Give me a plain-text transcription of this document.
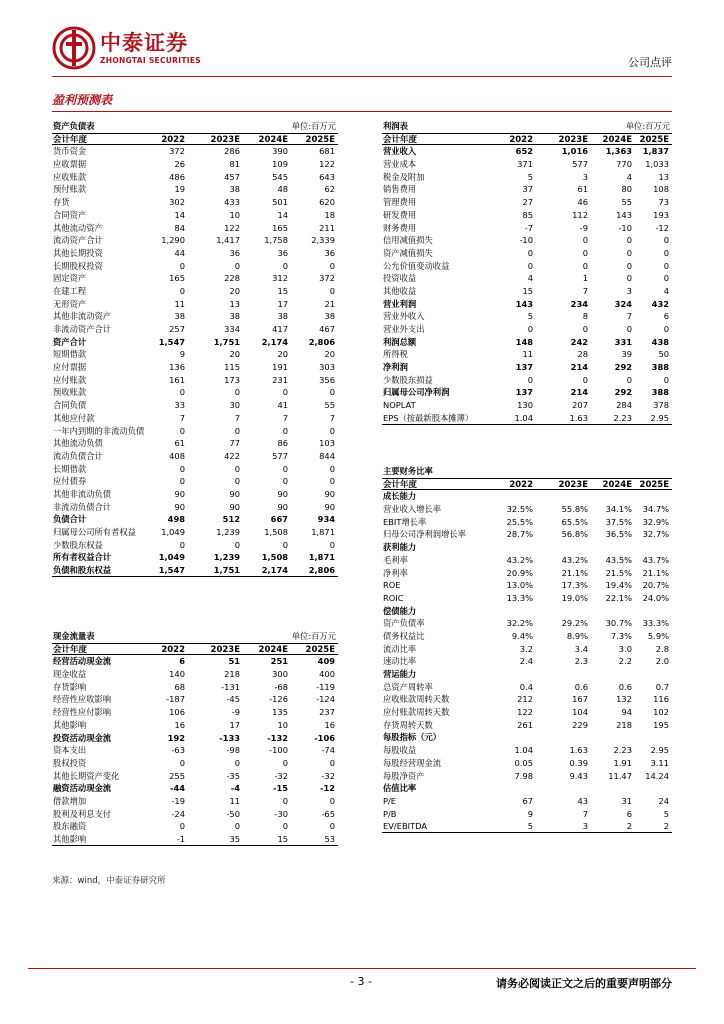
中泰证券
ZHONGTAI SECURITIES	公司点评
盈利预测表
资产负债表	单位:百万元
会计年度	2022	2023E	2024E	2025E
货币资金	372	286	390	681
应收票据	26	81	109	122
应收账款	486	457	545	643
预付账款	19	38	48	62
存货	302	433	501	620
合同资产	14	10	14	18
其他流动资产	84	122	165	211
流动资产合计	1,290	1,417	1,758	2,339
其他长期投资	44	36	36	36
长期股权投资	0	0	0	0
固定资产	165	228	312	372
在建工程	0	20	15	0
无形资产	11	13	17	21
其他非流动资产	38	38	38	38
非流动资产合计	257	334	417	467
资产合计	1,547	1,751	2,174	2,806
短期借款	9	20	20	20
应付票据	136	115	191	303
应付账款	161	173	231	356
预收账款	0	0	0	0
合同负债	33	30	41	55
其他应付款	7	7	7	7
一年内到期的非流动负债	0	0	0	0
其他流动负债	61	77	86	103
流动负债合计	408	422	577	844
长期借款	0	0	0	0
应付债券	0	0	0	0
其他非流动负债	90	90	90	90
非流动负债合计	90	90	90	90
负债合计	498	512	667	934
归属母公司所有者权益	1,049	1,239	1,508	1,871
少数股东权益	0	0	0	0
所有者权益合计	1,049	1,239	1,508	1,871
负债和股东权益	1,547	1,751	2,174	2,806
现金流量表	单位:百万元
会计年度	2022	2023E	2024E	2025E
经营活动现金流	6	51	251	409
现金收益	140	218	300	400
存货影响	68	-131	-68	-119
经营性应收影响	-187	-45	-126	-124
经营性应付影响	106	-9	135	237
其他影响	16	17	10	16
投资活动现金流	192	-133	-132	-106
资本支出	-63	-98	-100	-74
股权投资	0	0	0	0
其他长期资产变化	255	-35	-32	-32
融资活动现金流	-44	-4	-15	-12
借款增加	-19	11	0	0
股利及利息支付	-24	-50	-30	-65
股东融资	0	0	0	0
其他影响	-1	35	15	53
利润表	单位:百万元
会计年度	2022	2023E	2024E 2025E
营业收入	652	1,016	1,363	1,837
营业成本	371	577	770	1,033
税金及附加	5	3	4	13
销售费用	37	61	80	108
管理费用	27	46	55	73
研发费用	85	112	143	193
财务费用	-7	-9	-10	-12
信用减值损失	-10	0	0	0
资产减值损失	0	0	0	0
公允价值变动收益	0	0	0	0
投资收益	4	1	0	0
其他收益	15	7	3	4
营业利润	143	234	324	432
营业外收入	5	8	7	6
营业外支出	0	0	0	0
利润总额	148	242	331	438
所得税	11	28	39	50
净利润	137	214	292	388
少数股东损益	0	0	0	0
归属母公司净利润	137	214	292	388
NOPLAT	130	207	284	378
EPS（按最新股本摊薄）	1.04	1.63	2.23	2.95
主要财务比率
会计年度	2022	2023E	2024E 2025E
成长能力
营业收入增长率	32.5%	55.8%	34.1%	34.7%
EBIT增长率	25.5%	65.5%	37.5%	32.9%
归母公司净利润增长率	28.7%	56.8%	36.5%	32.7%
获利能力
毛利率	43.2%	43.2%	43.5%	43.7%
净利率	20.9%	21.1%	21.5%	21.1%
ROE	13.0%	17.3%	19.4%	20.7%
ROIC	13.3%	19.0%	22.1%	24.0%
偿债能力
资产负债率	32.2%	29.2%	30.7%	33.3%
债务权益比	9.4%	8.9%	7.3%	5.9%
流动比率	3.2	3.4	3.0	2.8
速动比率	2.4	2.3	2.2	2.0
营运能力
总资产周转率	0.4	0.6	0.6	0.7
应收账款周转天数	212	167	132	116
应付账款周转天数	122	104	94	102
存货周转天数	261	229	218	195
每股指标（元）
每股收益	1.04	1.63	2.23	2.95
每股经营现金流	0.05	0.39	1.91	3.11
每股净资产	7.98	9.43	11.47	14.24
估值比率
P/E	67	43	31	24
P/B	9	7	6	5
EV/EBITDA	5	3	2	2
来源：wind，中泰证券研究所
- 3 -	请务必阅读正文之后的重要声明部分
